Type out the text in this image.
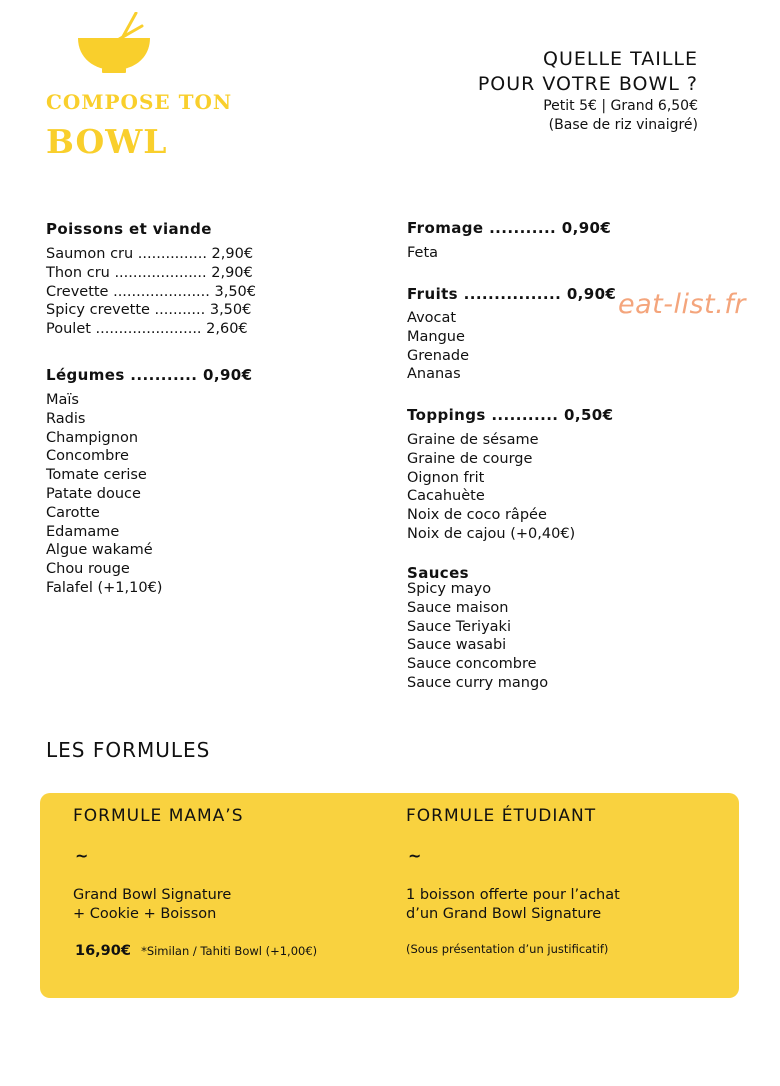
COMPOSE TON
BOWL
QUELLE TAILLE
POUR VOTRE BOWL ?
Petit 5€ | Grand 6,50€
(Base de riz vinaigré)
Poissons et viande
Saumon cru ............... 2,90€
Thon cru .................... 2,90€
Crevette ..................... 3,50€
Spicy crevette ........... 3,50€
Poulet ....................... 2,60€
Légumes ........... 0,90€
Maïs
Radis
Champignon
Concombre
Tomate cerise
Patate douce
Carotte
Edamame
Algue wakamé
Chou rouge
Falafel (+1,10€)
Fromage ........... 0,90€
Feta
Fruits ................ 0,90€
Avocat
Mangue
Grenade
Ananas
eat-list.fr
Toppings ........... 0,50€
Graine de sésame
Graine de courge
Oignon frit
Cacahuète
Noix de coco râpée
Noix de cajou (+0,40€)
Sauces
Spicy mayo
Sauce maison
Sauce Teriyaki
Sauce wasabi
Sauce concombre
Sauce curry mango
LES FORMULES
FORMULE MAMA’S
~
Grand Bowl Signature
+ Cookie + Boisson
16,90€ *Similan / Tahiti Bowl (+1,00€)
FORMULE ÉTUDIANT
~
1 boisson offerte pour l’achat
d’un Grand Bowl Signature
(Sous présentation d’un justificatif)
